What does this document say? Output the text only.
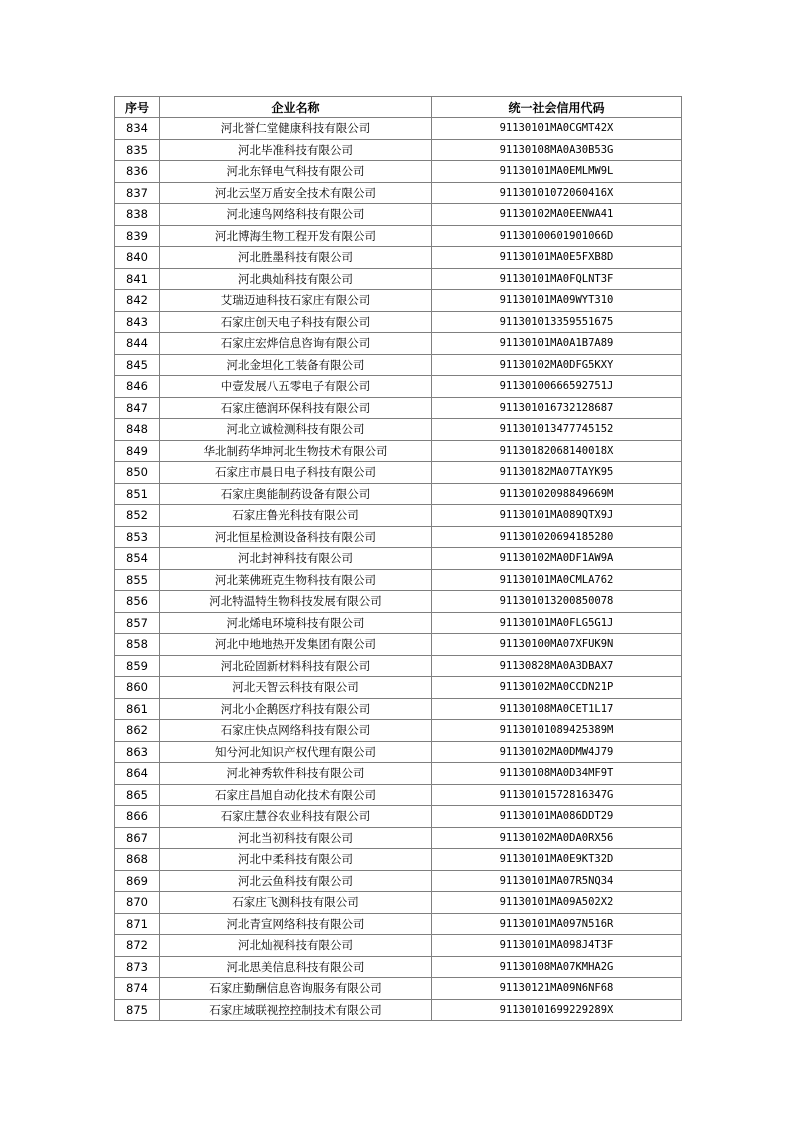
序号	企业名称	统一社会信用代码
834	河北誉仁堂健康科技有限公司	91130101MA0CGMT42X
835	河北毕准科技有限公司	91130108MA0A30B53G
836	河北东铎电气科技有限公司	91130101MA0EMLMW9L
837	河北云坚万盾安全技术有限公司	91130101072060416X
838	河北速鸟网络科技有限公司	91130102MA0EENWA41
839	河北博海生物工程开发有限公司	91130100601901066D
840	河北胜墨科技有限公司	91130101MA0E5FXB8D
841	河北典灿科技有限公司	91130101MA0FQLNT3F
842	艾瑞迈迪科技石家庄有限公司	91130101MA09WYT310
843	石家庄创天电子科技有限公司	911301013359551675
844	石家庄宏烨信息咨询有限公司	91130101MA0A1B7A89
845	河北金坦化工装备有限公司	91130102MA0DFG5KXY
846	中壹发展八五零电子有限公司	91130100666592751J
847	石家庄德润环保科技有限公司	911301016732128687
848	河北立诚检测科技有限公司	911301013477745152
849	华北制药华坤河北生物技术有限公司	91130182068140018X
850	石家庄市晨日电子科技有限公司	91130182MA07TAYK95
851	石家庄奥能制药设备有限公司	91130102098849669M
852	石家庄鲁光科技有限公司	91130101MA089QTX9J
853	河北恒星检测设备科技有限公司	911301020694185280
854	河北封神科技有限公司	91130102MA0DF1AW9A
855	河北莱佛班克生物科技有限公司	91130101MA0CMLA762
856	河北特温特生物科技发展有限公司	911301013200850078
857	河北烯电环境科技有限公司	91130101MA0FLG5G1J
858	河北中地地热开发集团有限公司	91130100MA07XFUK9N
859	河北砼固新材料科技有限公司	91130828MA0A3DBAX7
860	河北天智云科技有限公司	91130102MA0CCDN21P
861	河北小企鹅医疗科技有限公司	91130108MA0CET1L17
862	石家庄快点网络科技有限公司	91130101089425389M
863	知兮河北知识产权代理有限公司	91130102MA0DMW4J79
864	河北神秀软件科技有限公司	91130108MA0D34MF9T
865	石家庄昌旭自动化技术有限公司	91130101572816347G
866	石家庄慧谷农业科技有限公司	91130101MA086DDT29
867	河北当初科技有限公司	91130102MA0DA0RX56
868	河北中柔科技有限公司	91130101MA0E9KT32D
869	河北云鱼科技有限公司	91130101MA07R5NQ34
870	石家庄飞测科技有限公司	91130101MA09A502X2
871	河北青宣网络科技有限公司	91130101MA097N516R
872	河北灿视科技有限公司	91130101MA098J4T3F
873	河北思美信息科技有限公司	91130108MA07KMHA2G
874	石家庄勤酬信息咨询服务有限公司	91130121MA09N6NF68
875	石家庄域联视控控制技术有限公司	91130101699229289X
